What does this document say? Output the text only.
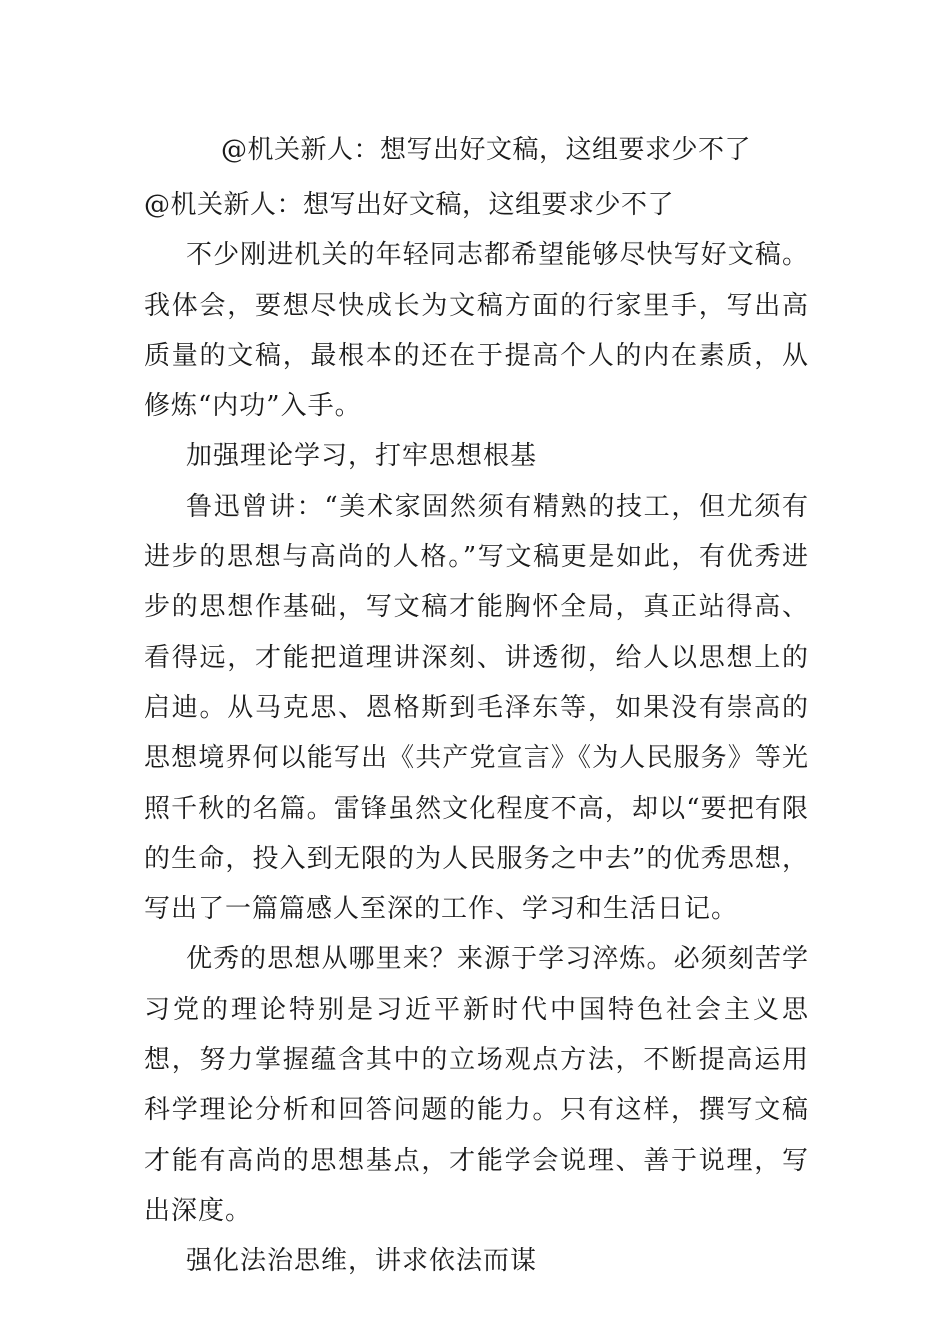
@机关新人：想写出好文稿，这组要求少不了

@机关新人：想写出好文稿，这组要求少不了

不少刚进机关的年轻同志都希望能够尽快写好文稿。我体会，要想尽快成长为文稿方面的行家里手，写出高质量的文稿，最根本的还在于提高个人的内在素质，从修炼“内功”入手。

加强理论学习，打牢思想根基

鲁迅曾讲：“美术家固然须有精熟的技工，但尤须有进步的思想与高尚的人格。”写文稿更是如此，有优秀进步的思想作基础，写文稿才能胸怀全局，真正站得高、看得远，才能把道理讲深刻、讲透彻，给人以思想上的启迪。从马克思、恩格斯到毛泽东等，如果没有崇高的思想境界何以能写出《共产党宣言》《为人民服务》等光照千秋的名篇。雷锋虽然文化程度不高，却以“要把有限的生命，投入到无限的为人民服务之中去”的优秀思想，写出了一篇篇感人至深的工作、学习和生活日记。

优秀的思想从哪里来？来源于学习淬炼。必须刻苦学习党的理论特别是习近平新时代中国特色社会主义思想，努力掌握蕴含其中的立场观点方法，不断提高运用科学理论分析和回答问题的能力。只有这样，撰写文稿才能有高尚的思想基点，才能学会说理、善于说理，写出深度。

强化法治思维，讲求依法而谋
